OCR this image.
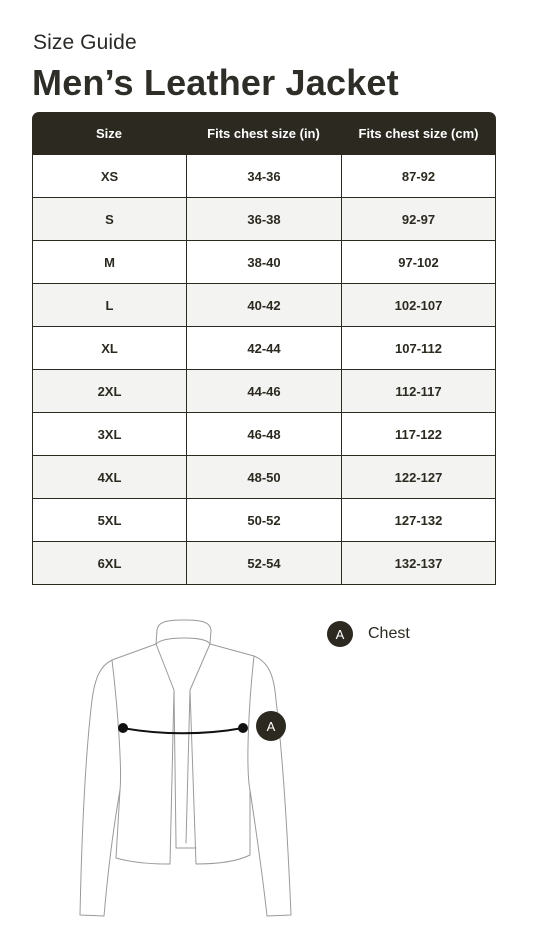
Size Guide
Men’s Leather Jacket
Size	Fits chest size (in)	Fits chest size (cm)
XS	34-36	87-92
S	36-38	92-97
M	38-40	97-102
L	40-42	102-107
XL	42-44	107-112
2XL	44-46	112-117
3XL	46-48	117-122
4XL	48-50	122-127
5XL	50-52	127-132
6XL	52-54	132-137
A	Chest
A
